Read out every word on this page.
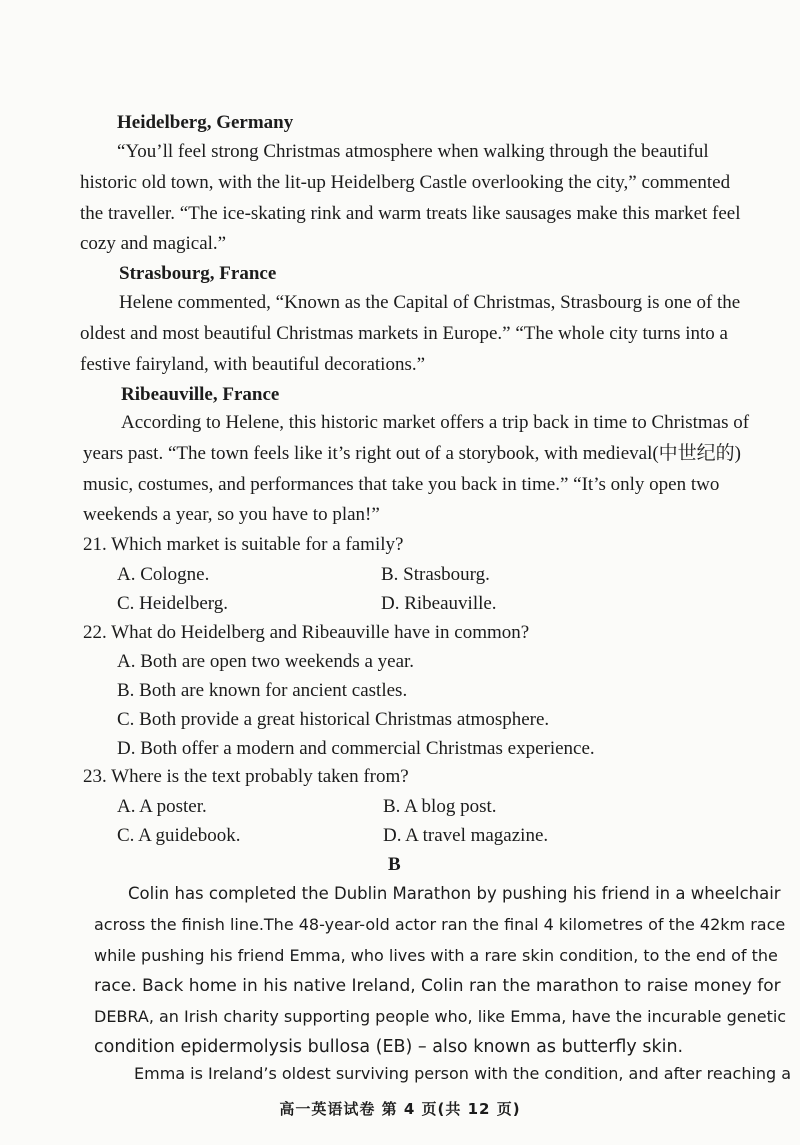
Heidelberg, Germany
“You’ll feel strong Christmas atmosphere when walking through the beautiful
historic old town, with the lit-up Heidelberg Castle overlooking the city,” commented
the traveller. “The ice-skating rink and warm treats like sausages make this market feel
cozy and magical.”
Strasbourg, France
Helene commented, “Known as the Capital of Christmas, Strasbourg is one of the
oldest and most beautiful Christmas markets in Europe.” “The whole city turns into a
festive fairyland, with beautiful decorations.”
Ribeauville, France
According to Helene, this historic market offers a trip back in time to Christmas of
years past. “The town feels like it’s right out of a storybook, with medieval(中世纪的)
music, costumes, and performances that take you back in time.” “It’s only open two
weekends a year, so you have to plan!”
21. Which market is suitable for a family?
A. Cologne.	B. Strasbourg.
C. Heidelberg.	D. Ribeauville.
22. What do Heidelberg and Ribeauville have in common?
A. Both are open two weekends a year.
B. Both are known for ancient castles.
C. Both provide a great historical Christmas atmosphere.
D. Both offer a modern and commercial Christmas experience.
23. Where is the text probably taken from?
A. A poster.	B. A blog post.
C. A guidebook.	D. A travel magazine.
B
Colin has completed the Dublin Marathon by pushing his friend in a wheelchair
across the finish line.The 48-year-old actor ran the final 4 kilometres of the 42km race
while pushing his friend Emma, who lives with a rare skin condition, to the end of the
race. Back home in his native Ireland, Colin ran the marathon to raise money for
DEBRA, an Irish charity supporting people who, like Emma, have the incurable genetic
condition epidermolysis bullosa (EB) – also known as butterfly skin.
Emma is Ireland’s oldest surviving person with the condition, and after reaching a
高一英语试卷 第 4 页(共 12 页)
